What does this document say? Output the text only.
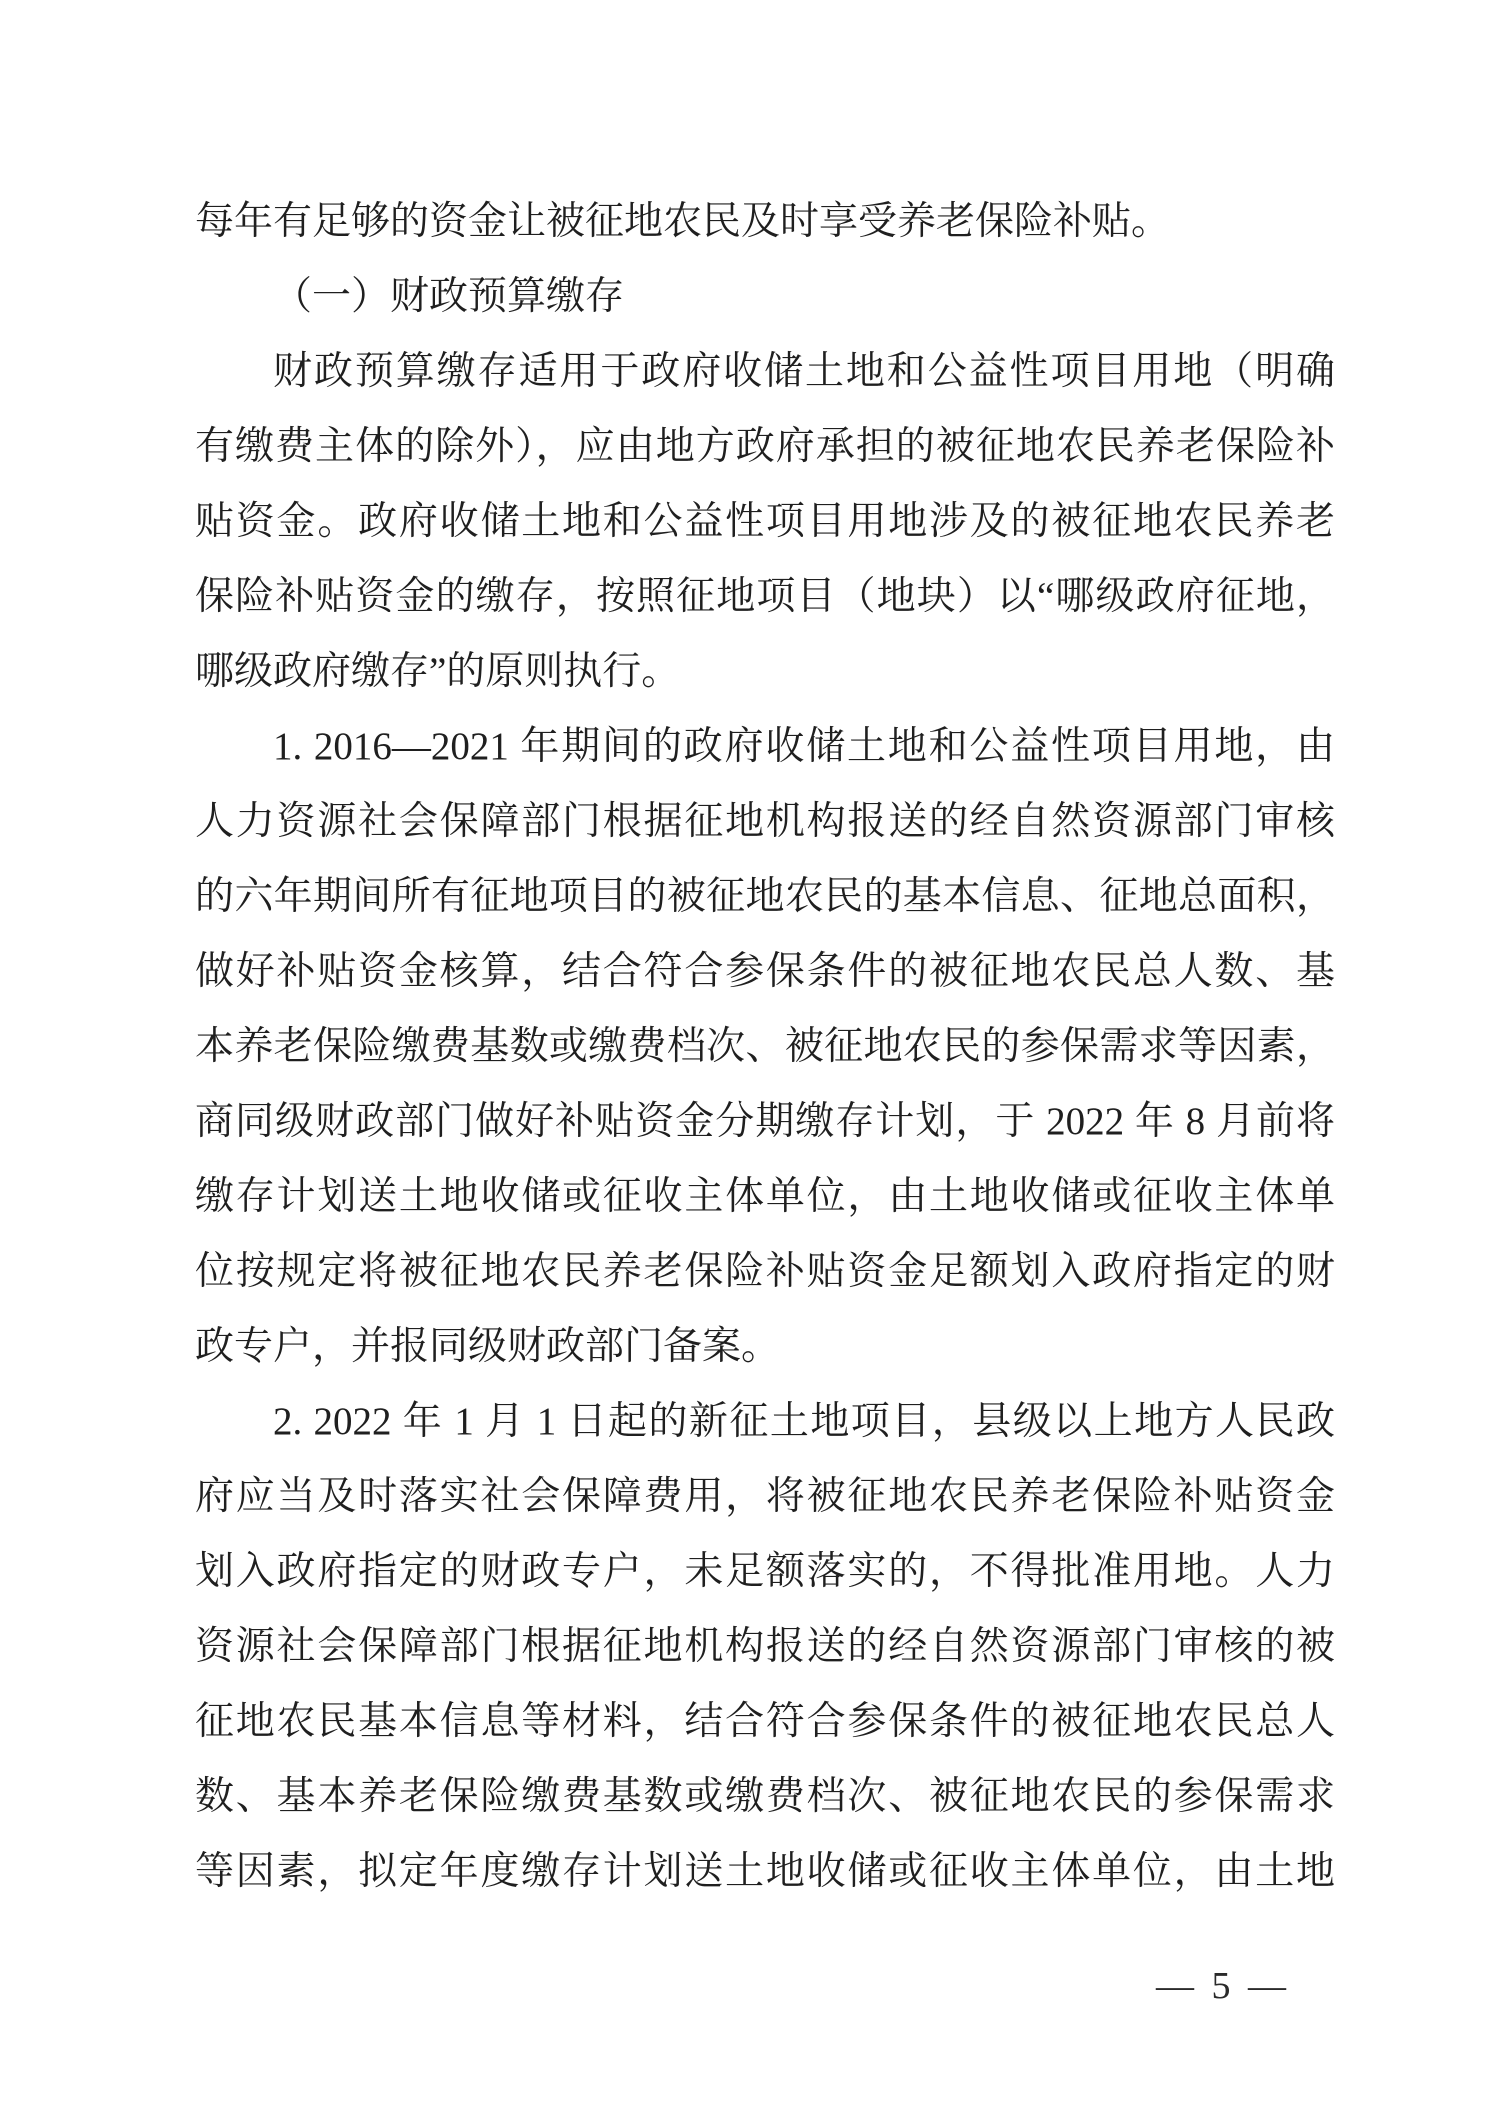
每年有足够的资金让被征地农民及时享受养老保险补贴。
（一）财政预算缴存
财政预算缴存适用于政府收储土地和公益性项目用地（明确
有缴费主体的除外），应由地方政府承担的被征地农民养老保险补
贴资金。政府收储土地和公益性项目用地涉及的被征地农民养老
保险补贴资金的缴存，按照征地项目（地块）以“哪级政府征地，
哪级政府缴存”的原则执行。
1. 2016—2021 年期间的政府收储土地和公益性项目用地，由
人力资源社会保障部门根据征地机构报送的经自然资源部门审核
的六年期间所有征地项目的被征地农民的基本信息、征地总面积，
做好补贴资金核算，结合符合参保条件的被征地农民总人数、基
本养老保险缴费基数或缴费档次、被征地农民的参保需求等因素，
商同级财政部门做好补贴资金分期缴存计划，于 2022 年 8 月前将
缴存计划送土地收储或征收主体单位，由土地收储或征收主体单
位按规定将被征地农民养老保险补贴资金足额划入政府指定的财
政专户，并报同级财政部门备案。
2. 2022 年 1 月 1 日起的新征土地项目，县级以上地方人民政
府应当及时落实社会保障费用，将被征地农民养老保险补贴资金
划入政府指定的财政专户，未足额落实的，不得批准用地。人力
资源社会保障部门根据征地机构报送的经自然资源部门审核的被
征地农民基本信息等材料，结合符合参保条件的被征地农民总人
数、基本养老保险缴费基数或缴费档次、被征地农民的参保需求
等因素，拟定年度缴存计划送土地收储或征收主体单位，由土地
— 5 —
